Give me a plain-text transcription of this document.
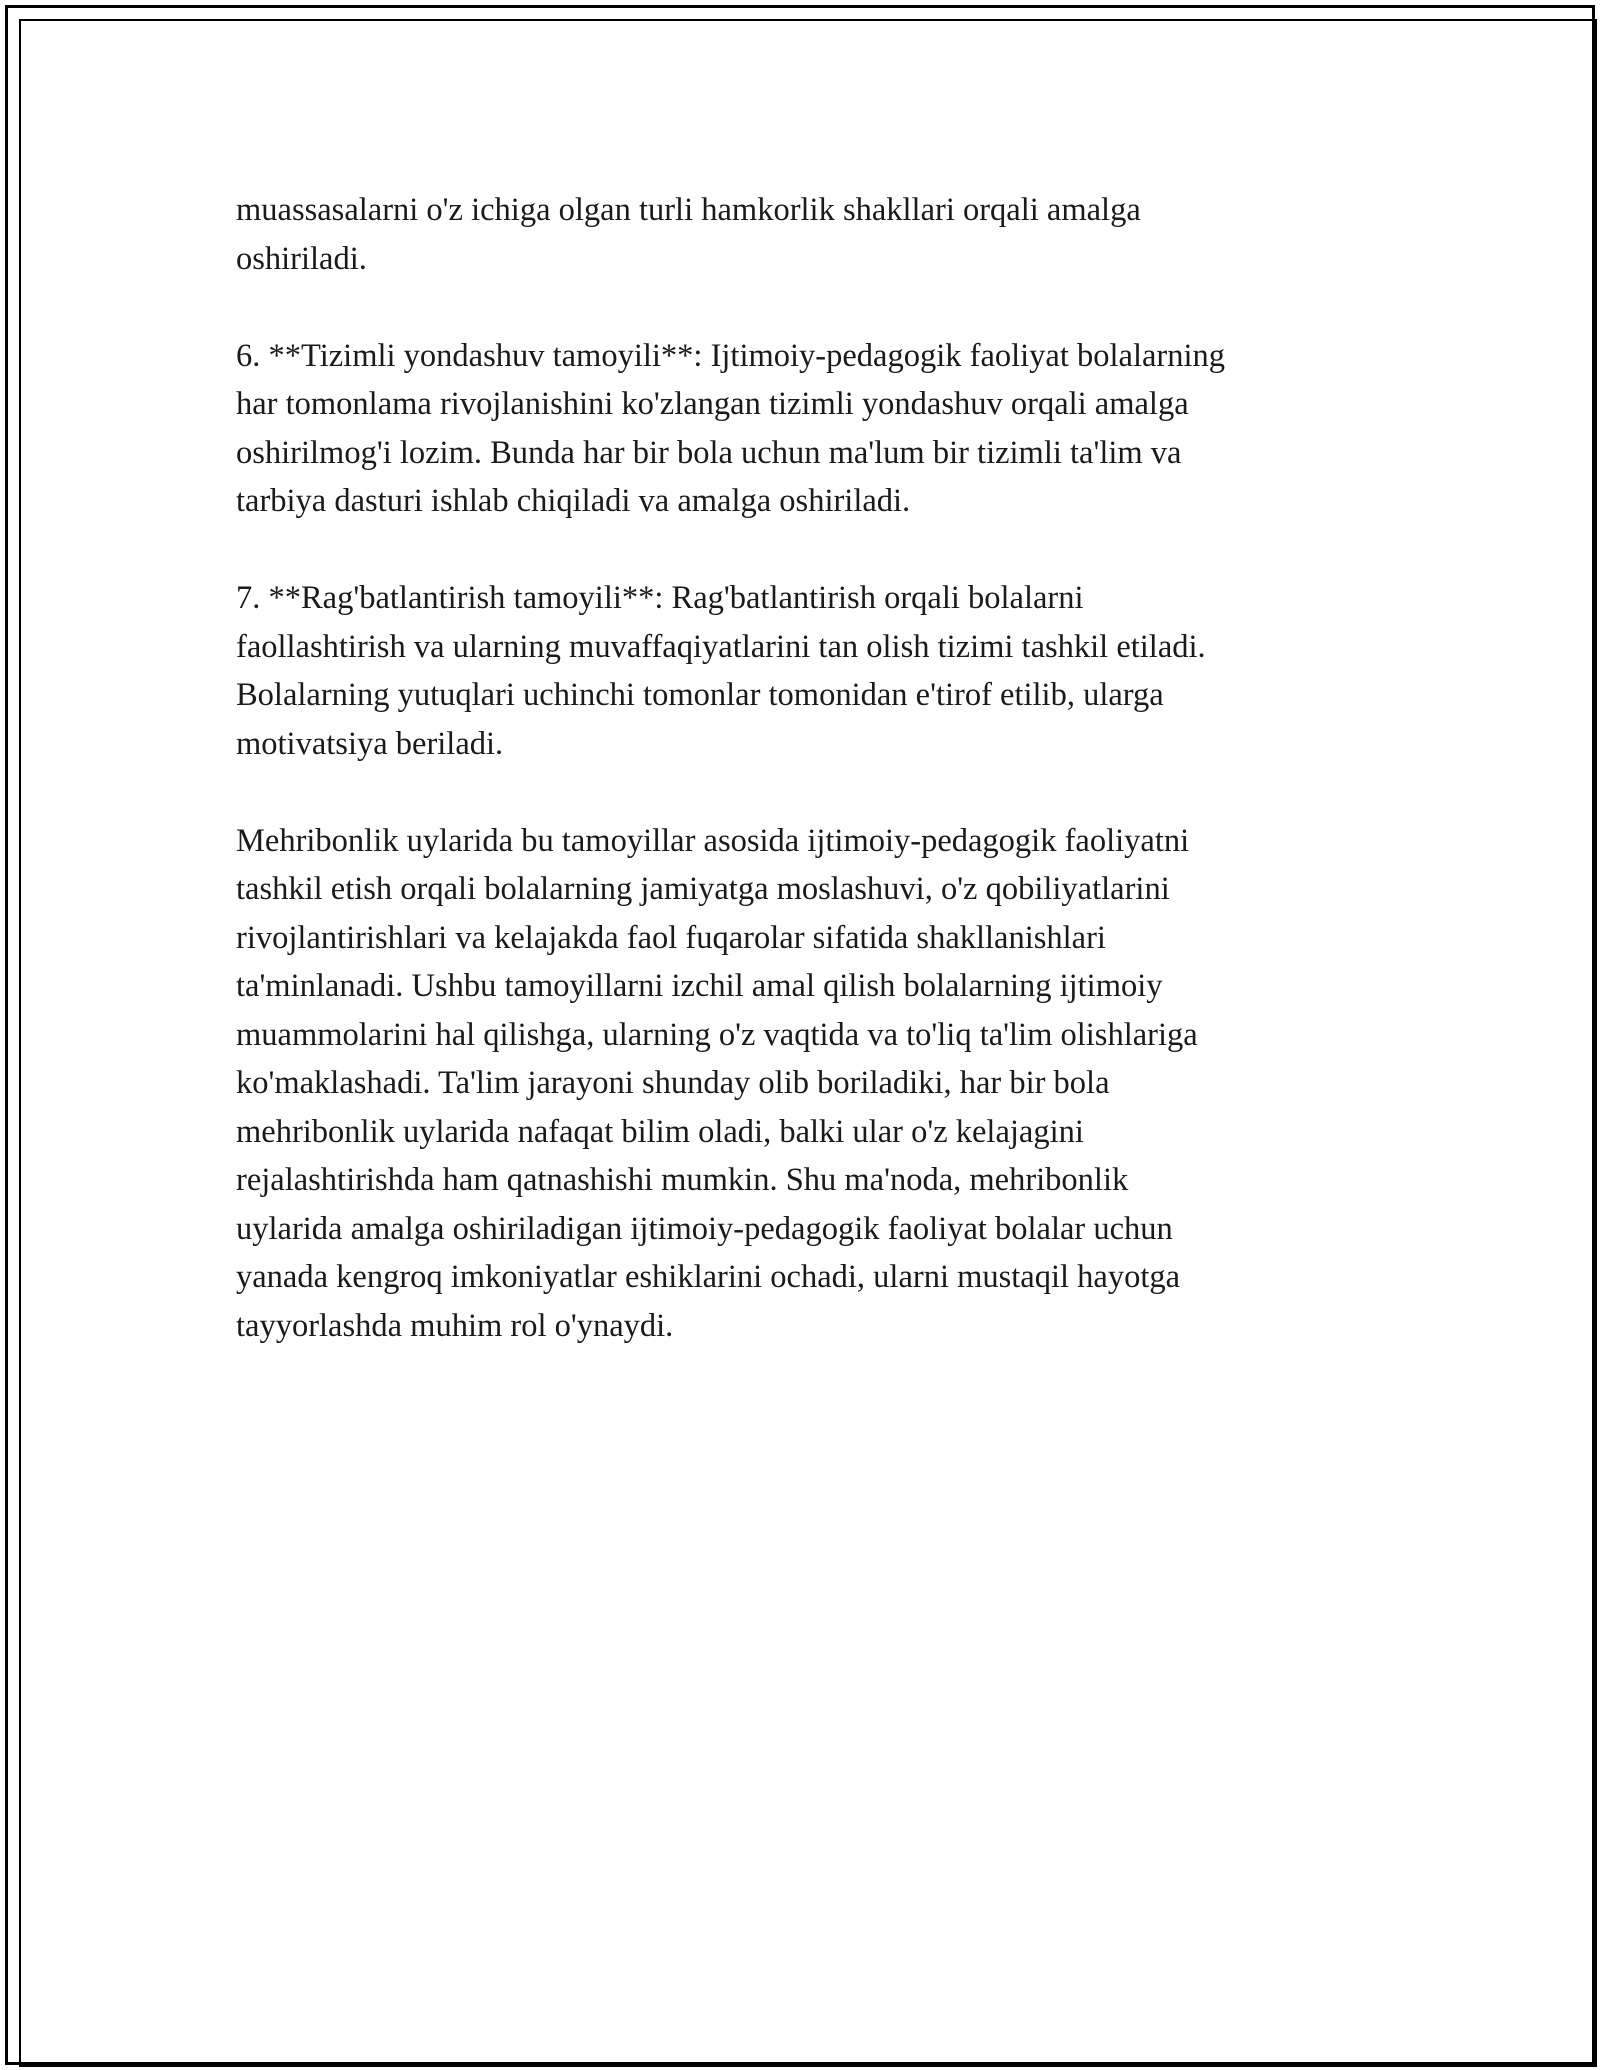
muassasalarni o'z ichiga olgan turli hamkorlik shakllari orqali amalga
oshiriladi.

6. **Tizimli yondashuv tamoyili**: Ijtimoiy-pedagogik faoliyat bolalarning
har tomonlama rivojlanishini ko'zlangan tizimli yondashuv orqali amalga
oshirilmog'i lozim. Bunda har bir bola uchun ma'lum bir tizimli ta'lim va
tarbiya dasturi ishlab chiqiladi va amalga oshiriladi.

7. **Rag'batlantirish tamoyili**: Rag'batlantirish orqali bolalarni
faollashtirish va ularning muvaffaqiyatlarini tan olish tizimi tashkil etiladi.
Bolalarning yutuqlari uchinchi tomonlar tomonidan e'tirof etilib, ularga
motivatsiya beriladi.

Mehribonlik uylarida bu tamoyillar asosida ijtimoiy-pedagogik faoliyatni
tashkil etish orqali bolalarning jamiyatga moslashuvi, o'z qobiliyatlarini
rivojlantirishlari va kelajakda faol fuqarolar sifatida shakllanishlari
ta'minlanadi. Ushbu tamoyillarni izchil amal qilish bolalarning ijtimoiy
muammolarini hal qilishga, ularning o'z vaqtida va to'liq ta'lim olishlariga
ko'maklashadi. Ta'lim jarayoni shunday olib boriladiki, har bir bola
mehribonlik uylarida nafaqat bilim oladi, balki ular o'z kelajagini
rejalashtirishda ham qatnashishi mumkin. Shu ma'noda, mehribonlik
uylarida amalga oshiriladigan ijtimoiy-pedagogik faoliyat bolalar uchun
yanada kengroq imkoniyatlar eshiklarini ochadi, ularni mustaqil hayotga
tayyorlashda muhim rol o'ynaydi.
